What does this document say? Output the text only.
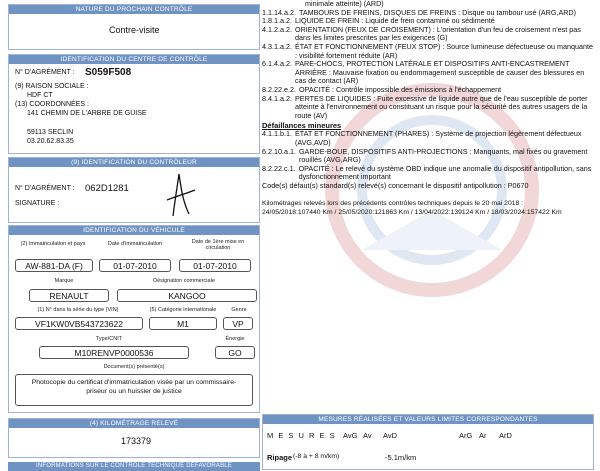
NATURE DU PROCHAIN CONTRÔLE
Contre-visite
IDENTIFICATION DU CENTRE DE CONTRÔLE
N° D'AGRÉMENT : S059F508
(9) RAISON SOCIALE :
HDF CT
(13) COORDONNÉES :
141 CHEMIN DE L'ARBRE DE GUISE
59113 SECLIN
03.20.62.83.35
(9) IDENTIFICATION DU CONTRÔLEUR
N° D'AGRÉMENT : 062D1281
SIGNATURE :
IDENTIFICATION DU VÉHICULE
(2) Immatriculation et pays	Date d'immatriculation	Date de 1ère mise en circulation
AW-881-DA (F)	01-07-2010	01-07-2010
Marque	Désignation commerciale
RENAULT	KANGOO
(1) N° dans la série du type (VIN)	(5) Catégorie internationale	Genre
VF1KW0VB543723622	M1	VP
Type/CNIT	Énergie
M10RENVP0000536	GO
Document(s) présenté(s)
Photocopie du certificat d'immatriculation visée par un commissaire-priseur ou un huissier de justice
(4) KILOMÉTRAGE RELEVÉ
173379
INFORMATIONS SUR LE CONTRÔLE TECHNIQUE DÉFAVORABLE
minimale atteinte) (ARD)
1.1.14.a.2. TAMBOURS DE FREINS, DISQUES DE FREINS : Disque ou tambour usé (ARG,ARD)
1.8.1.a.2. LIQUIDE DE FREIN : Liquide de frein contaminé ou sédimenté
4.1.2.a.2. ORIENTATION (FEUX DE CROISEMENT) : L'orientation d'un feu de croisement n'est pas dans les limites prescrites par les exigences (G)
4.3.1.a.2. ÉTAT ET FONCTIONNEMENT (FEUX STOP) : Source lumineuse défectueuse ou manquante : visibilité fortement réduite (AR)
6.1.4.a.2. PARE-CHOCS, PROTECTION LATÉRALE ET DISPOSITIFS ANTI-ENCASTREMENT ARRIÈRE : Mauvaise fixation ou endommagement susceptible de causer des blessures en cas de contact (AR)
8.2.22.e.2. OPACITÉ : Contrôle impossible des émissions à l'échappement
8.4.1.a.2. PERTES DE LIQUIDES : Fuite excessive de liquide autre que de l'eau susceptible de porter atteinte à l'environnement ou constituant un risque pour la sécurité des autres usagers de la route (AV)
Défaillances mineures
4.1.1.b.1. ÉTAT ET FONCTIONNEMENT (PHARES) : Système de projection légèrement défectueux (AVG,AVD)
6.2.10.a.1. GARDE-BOUE, DISPOSITIFS ANTI-PROJECTIONS : Manquants, mal fixés ou gravement rouillés (AVG,ARG)
8.2.22.c.1. OPACITÉ : Le relevé du système OBD indique une anomalie du dispositif antipollution, sans dysfonctionnement important
Code(s) défaut(s) standard(s) relevé(s) concernant le dispositif antipollution : P0670
Kilométrages relevés lors des précédents contrôles techniques depuis le 20 mai 2018 : 24/05/2018:107440 Km / 25/05/2020:121863 Km / 13/04/2022:139124 Km / 18/03/2024:157422 Km
MESURES RÉALISÉES ET VALEURS LIMITES CORRESPONDANTES
M E S U R E S AvG Av AvD	ArG Ar ArD
Ripage (-8 à + 8 m/km)	-5.1m/km
